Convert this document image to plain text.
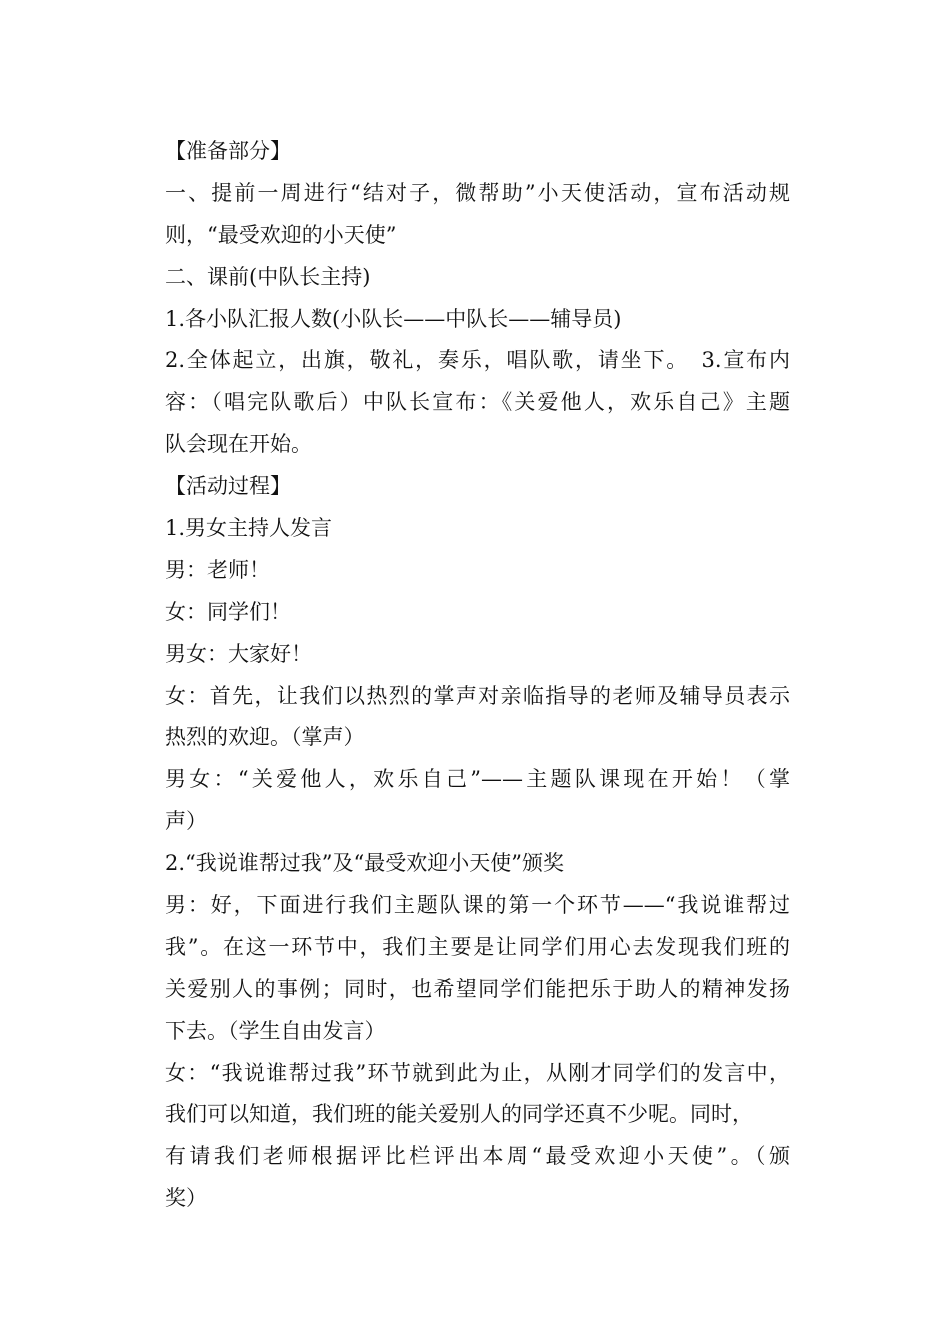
【准备部分】
一、提前一周进行“结对子，微帮助”小天使活动，宣布活动规
则，“最受欢迎的小天使”
二、课前(中队长主持)
1.各小队汇报人数(小队长——中队长——辅导员)
2.全体起立，出旗，敬礼，奏乐，唱队歌，请坐下。　3.宣布内
容：（唱完队歌后）中队长宣布：《关爱他人，欢乐自己》主题
队会现在开始。
【活动过程】
1.男女主持人发言
男：老师！
女：同学们！
男女：大家好！
女：首先，让我们以热烈的掌声对亲临指导的老师及辅导员表示
热烈的欢迎。（掌声）
男女：“关爱他人，欢乐自己”——主题队课现在开始！（掌
声）
2.“我说谁帮过我”及“最受欢迎小天使”颁奖
男：好，下面进行我们主题队课的第一个环节——“我说谁帮过
我”。在这一环节中，我们主要是让同学们用心去发现我们班的
关爱别人的事例；同时，也希望同学们能把乐于助人的精神发扬
下去。（学生自由发言）
女：“我说谁帮过我”环节就到此为止，从刚才同学们的发言中，
我们可以知道，我们班的能关爱别人的同学还真不少呢。同时，
有请我们老师根据评比栏评出本周“最受欢迎小天使”。（颁
奖）
